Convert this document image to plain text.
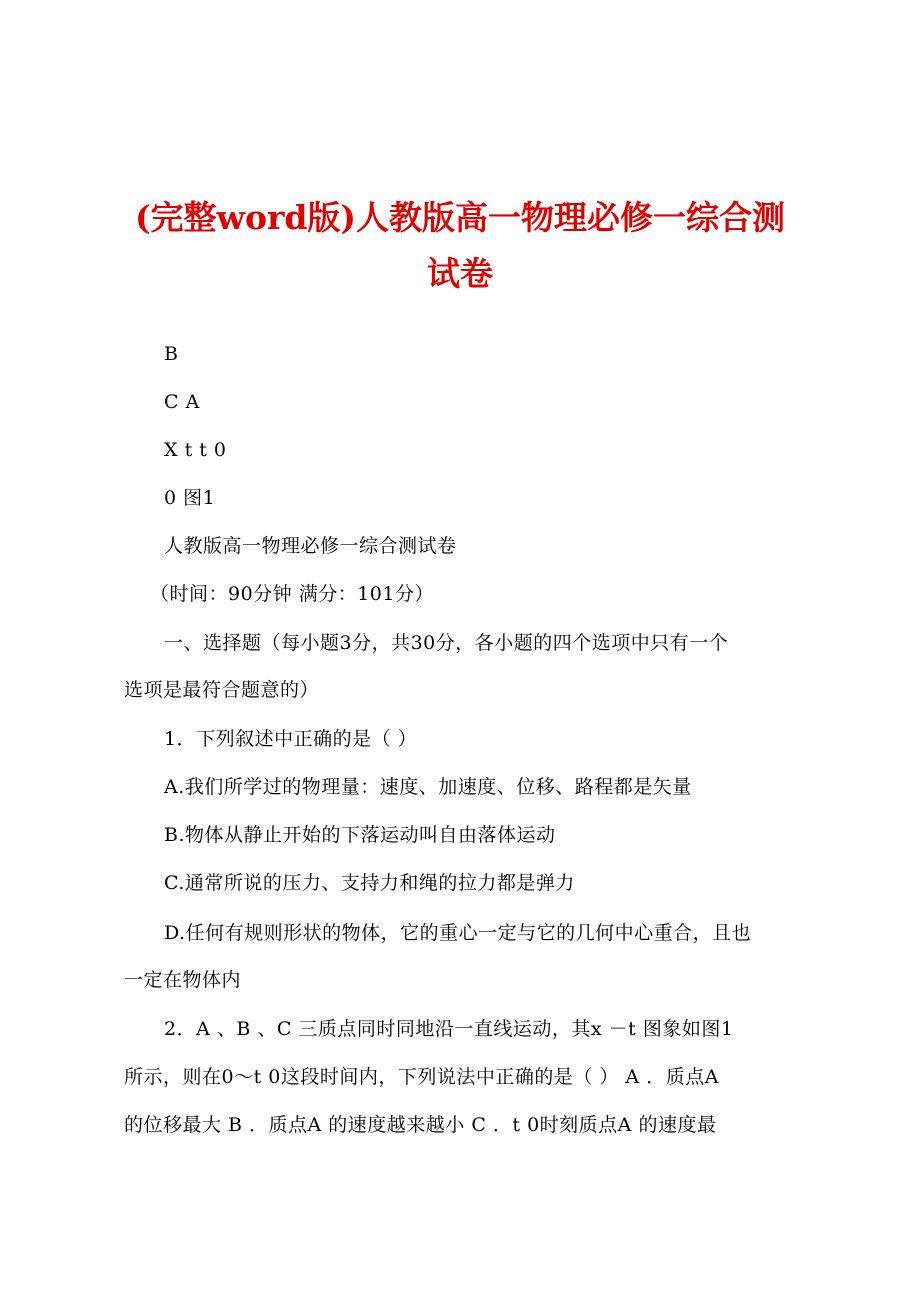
(完整word版)人教版高一物理必修一综合测
试卷
B
C A
X t t 0
0 图1
人教版高一物理必修一综合测试卷
（时间：90分钟 满分：101分）
一、选择题（每小题3分，共30分，各小题的四个选项中只有一个
选项是最符合题意的）
1．下列叙述中正确的是（ ）
A.我们所学过的物理量：速度、加速度、位移、路程都是矢量
B.物体从静止开始的下落运动叫自由落体运动
C.通常所说的压力、支持力和绳的拉力都是弹力
D.任何有规则形状的物体，它的重心一定与它的几何中心重合，且也
一定在物体内
2．A 、B 、C 三质点同时同地沿一直线运动，其x －t 图象如图1
所示，则在0～t 0这段时间内，下列说法中正确的是（ ） A ．质点A
的位移最大 B ．质点A 的速度越来越小 C ．t 0时刻质点A 的速度最
